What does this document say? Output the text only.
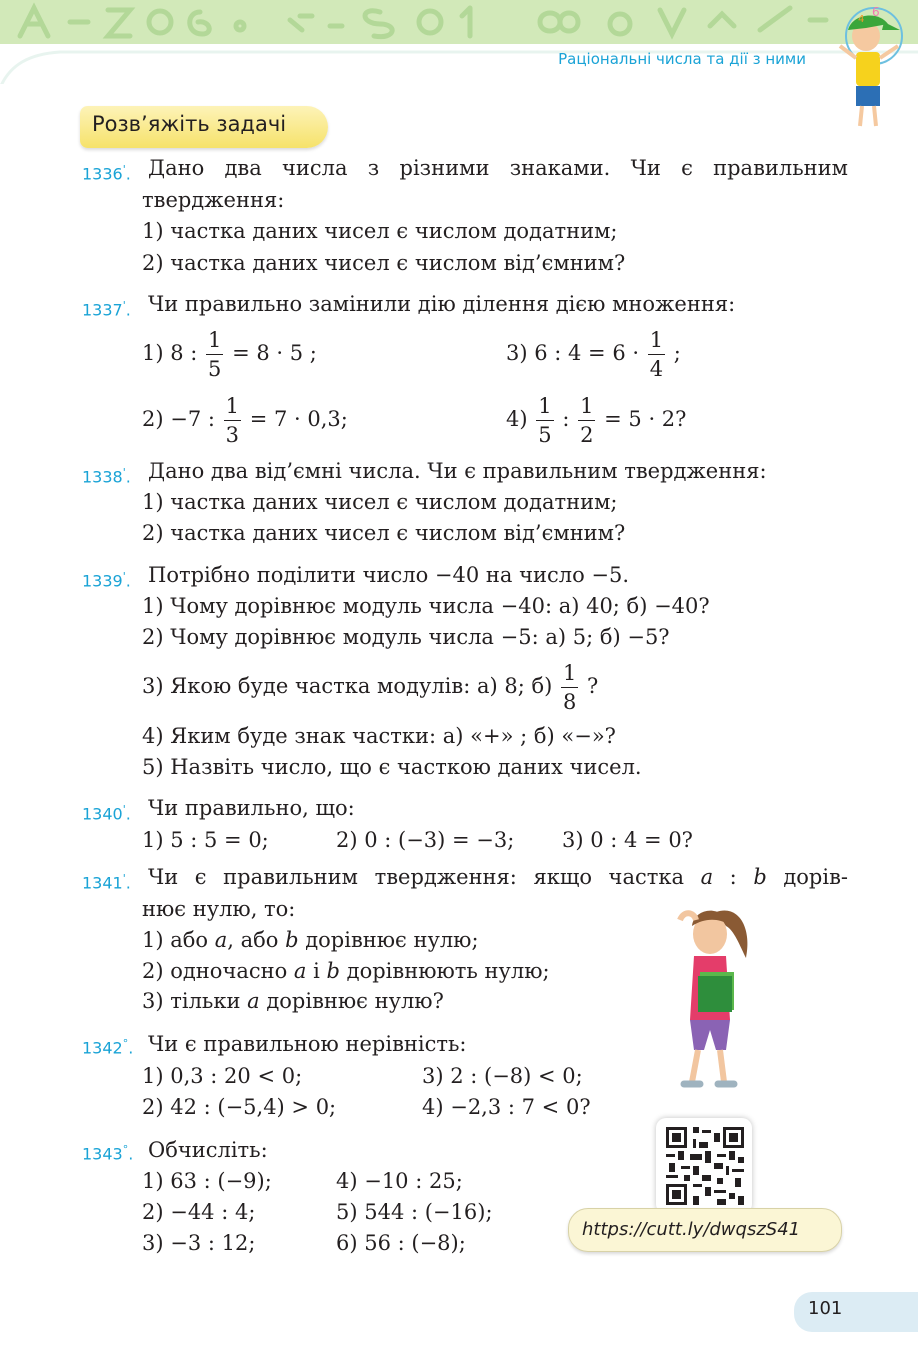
Раціональні числа та дії з ними
6
4
Розв’яжіть задачі
1336'. Дано два числа з різними знаками. Чи є правильним
твердження:
1) частка даних чисел є числом додатним;
2) частка даних чисел є числом від’ємним?
1337'. Чи правильно замінили дію ділення дією множення:
1) 8 : $\frac{1}{5} = 8 \cdot 5$ ;	3) 6 : $4 = 6 \cdot \frac{1}{4}$ ;
2) −7 : $\frac{1}{3} = 7 \cdot 0,3$;	$4) \frac{1}{5}$ : $\frac{1}{2} = 5 \cdot 2$?
1338'. Дано два від’ємні числа. Чи є правильним твердження:
1) частка даних чисел є числом додатним;
2) частка даних чисел є числом від’ємним?
1339'. Потрібно поділити число −40 на число −5.
1) Чому дорівнює модуль числа −40: а) 40; б) −40?
2) Чому дорівнює модуль числа −5: а) 5; б) −5?
3) Якою буде частка модулів: а) 8; $б) \frac{1}{8}$ ?
4) Яким буде знак частки: а) «+» ; б) «−»?
5) Назвіть число, що є часткою даних чисел.
1340'. Чи правильно, що:
1) 5 : 5 = 0;	2) 0 : (−3) = −3; 3) 0 : 4 = 0?
1341'. Чи є правильним твердження: якщо частка a : b дорів-
нює нулю, то:
1) або a, або b дорівнює нулю;
2) одночасно a і b дорівнюють нулю;
3) тільки a дорівнює нулю?
1342°. Чи є правильною нерівність:
1) 0,3 : 20 < 0;	3) 2 : (−8) < 0;
2) 42 : (−5,4) > 0;	4) −2,3 : 7 < 0?
1343°. Обчисліть:
1) 63 : (−9);	4) −10 : 25;
2) −44 : 4;	5) 544 : (−16);
3) −3 : 12;	6) 56 : (−8);
https://cutt.ly/dwqszS41
101
